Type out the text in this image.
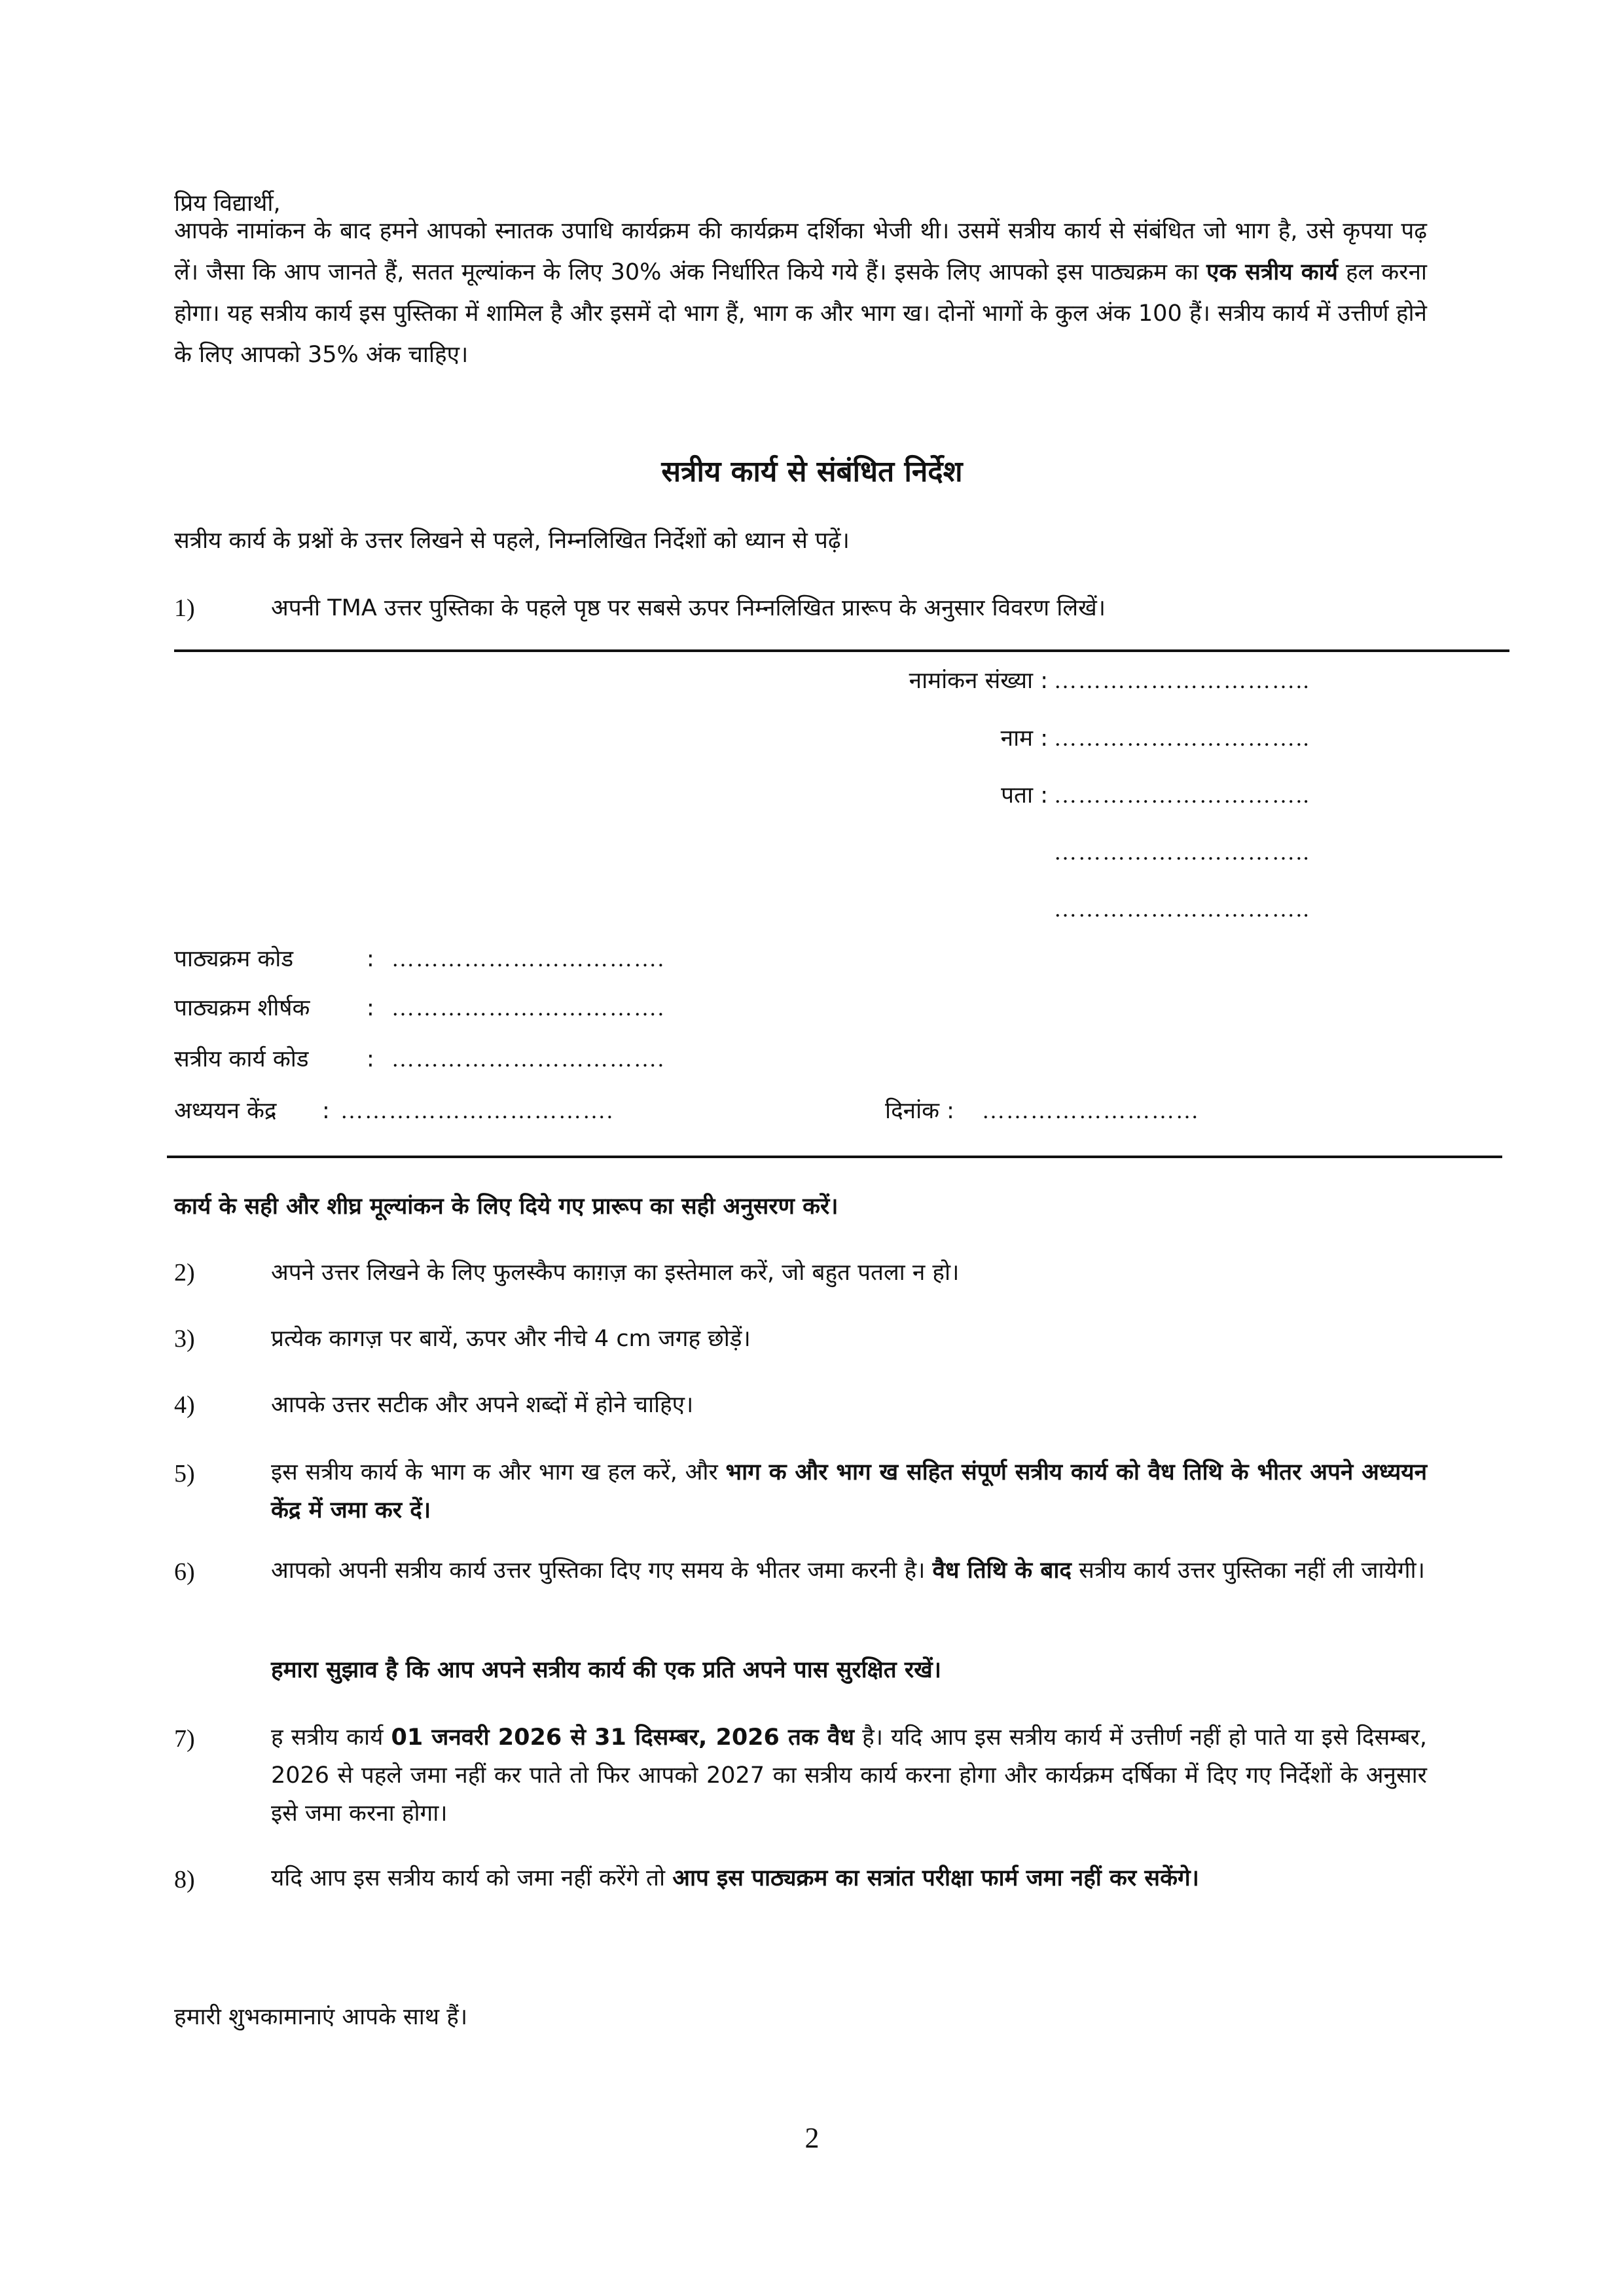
प्रिय विद्यार्थी,

आपके नामांकन के बाद हमने आपको स्नातक उपाधि कार्यक्रम की कार्यक्रम दर्शिका भेजी थी। उसमें सत्रीय कार्य से संबंधित जो भाग है, उसे कृपया पढ़ लें। जैसा कि आप जानते हैं, सतत मूल्यांकन के लिए 30% अंक निर्धारित किये गये हैं। इसके लिए आपको इस पाठ्यक्रम का एक सत्रीय कार्य हल करना होगा। यह सत्रीय कार्य इस पुस्तिका में शामिल है और इसमें दो भाग हैं, भाग क और भाग ख। दोनों भागों के कुल अंक 100 हैं। सत्रीय कार्य में उत्तीर्ण होने के लिए आपको 35% अंक चाहिए।

सत्रीय कार्य से संबंधित निर्देश

सत्रीय कार्य के प्रश्नों के उत्तर लिखने से पहले, निम्नलिखित निर्देशों को ध्यान से पढ़ें।

1)	अपनी TMA उत्तर पुस्तिका के पहले पृष्ठ पर सबसे ऊपर निम्नलिखित प्रारूप के अनुसार विवरण लिखें।

नामांकन संख्या : …………………………..
नाम : …………………………..
पता : …………………………..
…………………………..
…………………………..
पाठ्यक्रम कोड	: …………………………….
पाठ्यक्रम शीर्षक : …………………………….
सत्रीय कार्य कोड	: …………………………….
अध्ययन केंद्र : …………………………….	दिनांक : ………………………

कार्य के सही और शीघ्र मूल्यांकन के लिए दिये गए प्रारूप का सही अनुसरण करें।

2)	अपने उत्तर लिखने के लिए फुलस्कैप काग़ज़ का इस्तेमाल करें, जो बहुत पतला न हो।

3)	प्रत्येक कागज़ पर बायें, ऊपर और नीचे 4 cm जगह छोड़ें।

4)	आपके उत्तर सटीक और अपने शब्दों में होने चाहिए।

5)	इस सत्रीय कार्य के भाग क और भाग ख हल करें, और भाग क और भाग ख सहित संपूर्ण सत्रीय कार्य को वैध तिथि के भीतर अपने अध्ययन केंद्र में जमा कर दें।

6)	आपको अपनी सत्रीय कार्य उत्तर पुस्तिका दिए गए समय के भीतर जमा करनी है। वैध तिथि के बाद सत्रीय कार्य उत्तर पुस्तिका नहीं ली जायेगी।

हमारा सुझाव है कि आप अपने सत्रीय कार्य की एक प्रति अपने पास सुरक्षित रखें।

7)	ह सत्रीय कार्य 01 जनवरी 2026 से 31 दिसम्बर, 2026 तक वैध है। यदि आप इस सत्रीय कार्य में उत्तीर्ण नहीं हो पाते या इसे दिसम्बर, 2026 से पहले जमा नहीं कर पाते तो फिर आपको 2027 का सत्रीय कार्य करना होगा और कार्यक्रम दर्षिका में दिए गए निर्देशों के अनुसार इसे जमा करना होगा।

8)	यदि आप इस सत्रीय कार्य को जमा नहीं करेंगे तो आप इस पाठ्यक्रम का सत्रांत परीक्षा फार्म जमा नहीं कर सकेंगे।

हमारी शुभकामानाएं आपके साथ हैं।

2
